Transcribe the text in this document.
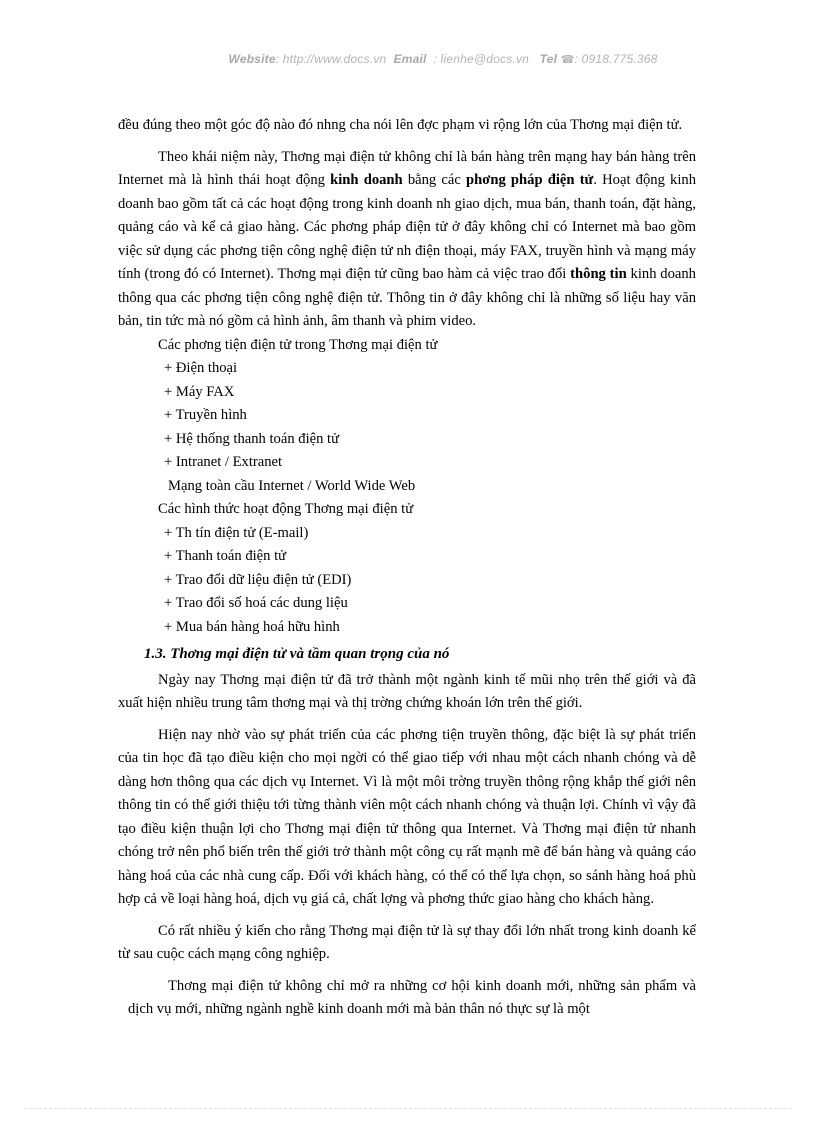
Website: http://www.docs.vn Email : lienhe@docs.vn Tel ☎: 0918.775.368

đều đúng theo một góc độ nào đó nhng cha nói lên đợc phạm vi rộng lớn của Thơng mại điện tử.

Theo khái niệm này, Thơng mại điện tử không chỉ là bán hàng trên mạng hay bán hàng trên Internet mà là hình thái hoạt động kinh doanh bằng các phơng pháp điện tử. Hoạt động kinh doanh bao gồm tất cả các hoạt động trong kinh doanh nh giao dịch, mua bán, thanh toán, đặt hàng, quảng cáo và kể cả giao hàng. Các phơng pháp điện tử ở đây không chỉ có Internet mà bao gồm việc sử dụng các phơng tiện công nghệ điện tử nh điện thoại, máy FAX, truyền hình và mạng máy tính (trong đó có Internet). Thơng mại điện tử cũng bao hàm cả việc trao đổi thông tin kinh doanh thông qua các phơng tiện công nghệ điện tử. Thông tin ở đây không chỉ là những số liệu hay văn bản, tin tức mà nó gồm cả hình ảnh, âm thanh và phim video.

Các phơng tiện điện tử trong Thơng mại điện tử
+ Điện thoại
+ Máy FAX
+ Truyền hình
+ Hệ thống thanh toán điện tử
+ Intranet / Extranet
Mạng toàn cầu Internet / World Wide Web
Các hình thức hoạt động Thơng mại điện tử
+ Th tín điện tử (E-mail)
+ Thanh toán điện tử
+ Trao đổi dữ liệu điện tử (EDI)
+ Trao đổi số hoá các dung liệu
+ Mua bán hàng hoá hữu hình
1.3. Thơng mại điện tử và tầm quan trọng của nó

Ngày nay Thơng mại điện tử đã trở thành một ngành kinh tế mũi nhọ trên thế giới và đã xuất hiện nhiều trung tâm thơng mại và thị trờng chứng khoán lớn trên thế giới.

Hiện nay nhờ vào sự phát triển của các phơng tiện truyền thông, đặc biệt là sự phát triển của tin học đã tạo điều kiện cho mọi ngời có thể giao tiếp với nhau một cách nhanh chóng và dễ dàng hơn thông qua các dịch vụ Internet. Vì là một môi trờng truyền thông rộng khắp thế giới nên thông tin có thể giới thiệu tới từng thành viên một cách nhanh chóng và thuận lợi. Chính vì vậy đã tạo điều kiện thuận lợi cho Thơng mại điện tử thông qua Internet. Và Thơng mại điện tử nhanh chóng trở nên phổ biến trên thế giới trở thành một công cụ rất mạnh mẽ để bán hàng và quảng cáo hàng hoá của các nhà cung cấp. Đối với khách hàng, có thể có thể lựa chọn, so sánh hàng hoá phù hợp cả về loại hàng hoá, dịch vụ giá cả, chất lợng và phơng thức giao hàng cho khách hàng.

Có rất nhiều ý kiến cho rằng Thơng mại điện tử là sự thay đổi lớn nhất trong kinh doanh kể từ sau cuộc cách mạng công nghiệp.

Thơng mại điện tử không chỉ mở ra những cơ hội kinh doanh mới, những sản phẩm và dịch vụ mới, những ngành nghề kinh doanh mới mà bản thân nó thực sự là một
